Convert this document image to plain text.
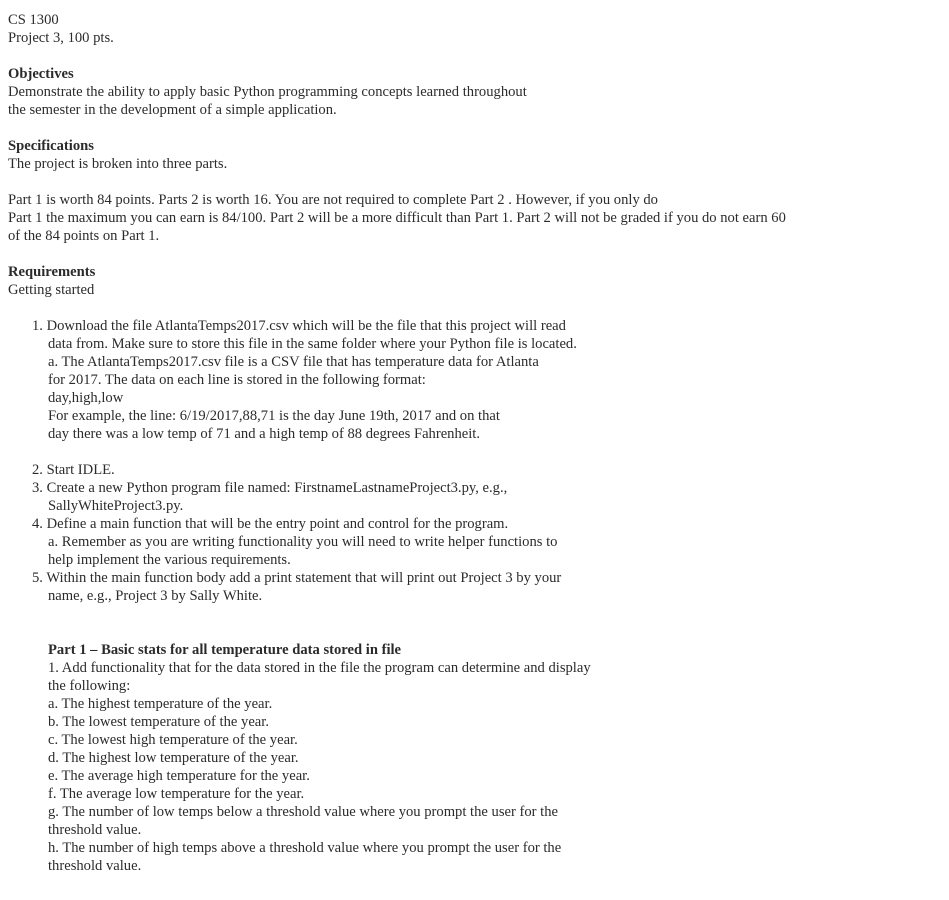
CS 1300
Project 3, 100 pts.
Objectives
Demonstrate the ability to apply basic Python programming concepts learned throughout
the semester in the development of a simple application.
Specifications
The project is broken into three parts.
Part 1 is worth 84 points. Parts 2 is worth 16. You are not required to complete Part 2 . However, if you only do
Part 1 the maximum you can earn is 84/100. Part 2 will be a more difficult than Part 1. Part 2 will not be graded if you do not earn 60
of the 84 points on Part 1.
Requirements
Getting started
1. Download the file AtlantaTemps2017.csv which will be the file that this project will read
data from. Make sure to store this file in the same folder where your Python file is located.
a. The AtlantaTemps2017.csv file is a CSV file that has temperature data for Atlanta
for 2017. The data on each line is stored in the following format:
day,high,low
For example, the line: 6/19/2017,88,71 is the day June 19th, 2017 and on that
day there was a low temp of 71 and a high temp of 88 degrees Fahrenheit.
2. Start IDLE.
3. Create a new Python program file named: FirstnameLastnameProject3.py, e.g.,
SallyWhiteProject3.py.
4. Define a main function that will be the entry point and control for the program.
a. Remember as you are writing functionality you will need to write helper functions to
help implement the various requirements.
5. Within the main function body add a print statement that will print out Project 3 by your
name, e.g., Project 3 by Sally White.
Part 1 – Basic stats for all temperature data stored in file
1. Add functionality that for the data stored in the file the program can determine and display
the following:
a. The highest temperature of the year.
b. The lowest temperature of the year.
c. The lowest high temperature of the year.
d. The highest low temperature of the year.
e. The average high temperature for the year.
f. The average low temperature for the year.
g. The number of low temps below a threshold value where you prompt the user for the
threshold value.
h. The number of high temps above a threshold value where you prompt the user for the
threshold value.
